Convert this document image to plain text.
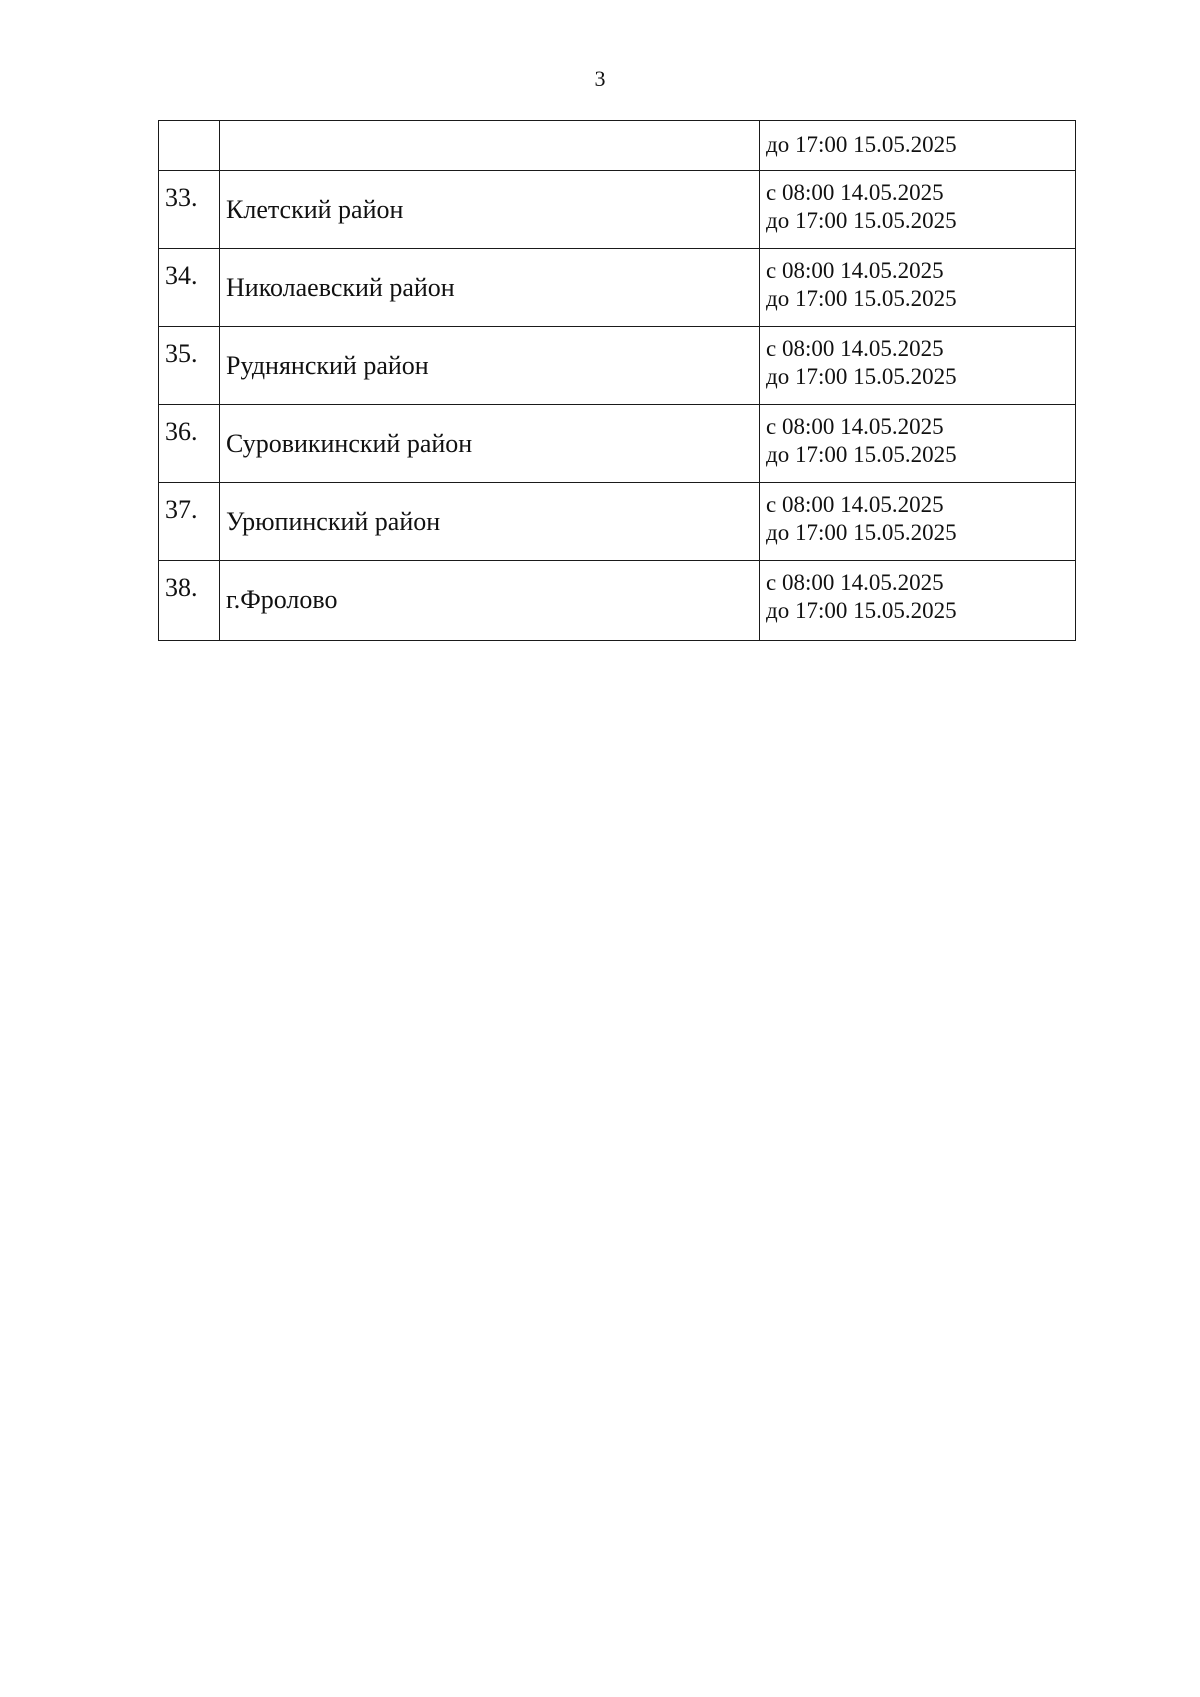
3

		до 17:00 15.05.2025

33.	Клетский район	с 08:00 14.05.2025
до 17:00 15.05.2025

34.	Николаевский район	с 08:00 14.05.2025
до 17:00 15.05.2025

35.	Руднянский район	с 08:00 14.05.2025
до 17:00 15.05.2025

36.	Суровикинский район	с 08:00 14.05.2025
до 17:00 15.05.2025

37.	Урюпинский район	с 08:00 14.05.2025
до 17:00 15.05.2025

38.	г.Фролово	с 08:00 14.05.2025
до 17:00 15.05.2025
